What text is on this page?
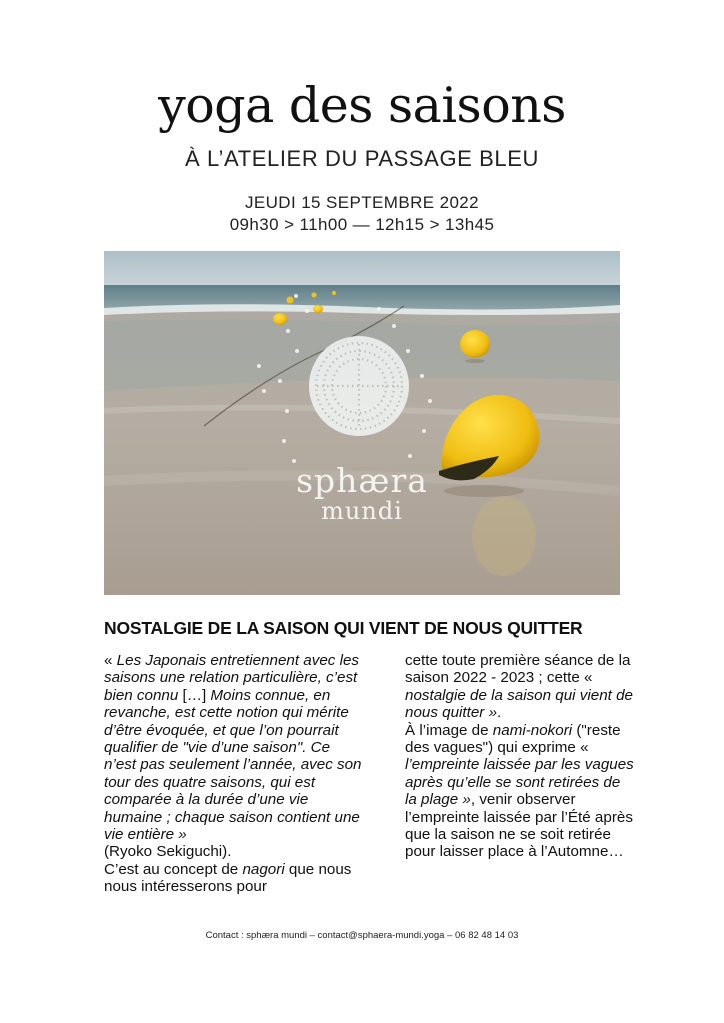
yoga des saisons
À L’ATELIER DU PASSAGE BLEU
JEUDI 15 SEPTEMBRE 2022
09h30 > 11h00 — 12h15 > 13h45
sphæra
mundi
NOSTALGIE DE LA SAISON QUI VIENT DE NOUS QUITTER

« Les Japonais entretiennent avec les saisons une relation particulière, c’est bien connu […] Moins connue, en revanche, est cette notion qui mérite d’être évoquée, et que l’on pourrait qualifier de "vie d’une saison". Ce n’est pas seulement l’année, avec son tour des quatre saisons, qui est comparée à la durée d’une vie humaine ; chaque saison contient une vie entière »

(Ryoko Sekiguchi).

C’est au concept de nagori que nous nous intéresserons pour

cette toute première séance de la saison 2022 - 2023 ; cette « nostalgie de la saison qui vient de nous quitter ».

À l’image de nami-nokori ("reste des vagues") qui exprime « l’empreinte laissée par les vagues après qu’elle se sont retirées de la plage », venir observer l’empreinte laissée par l’Été après que la saison ne se soit retirée pour laisser place à l’Automne…

Contact : sphæra mundi – contact@sphaera-mundi.yoga – 06 82 48 14 03
